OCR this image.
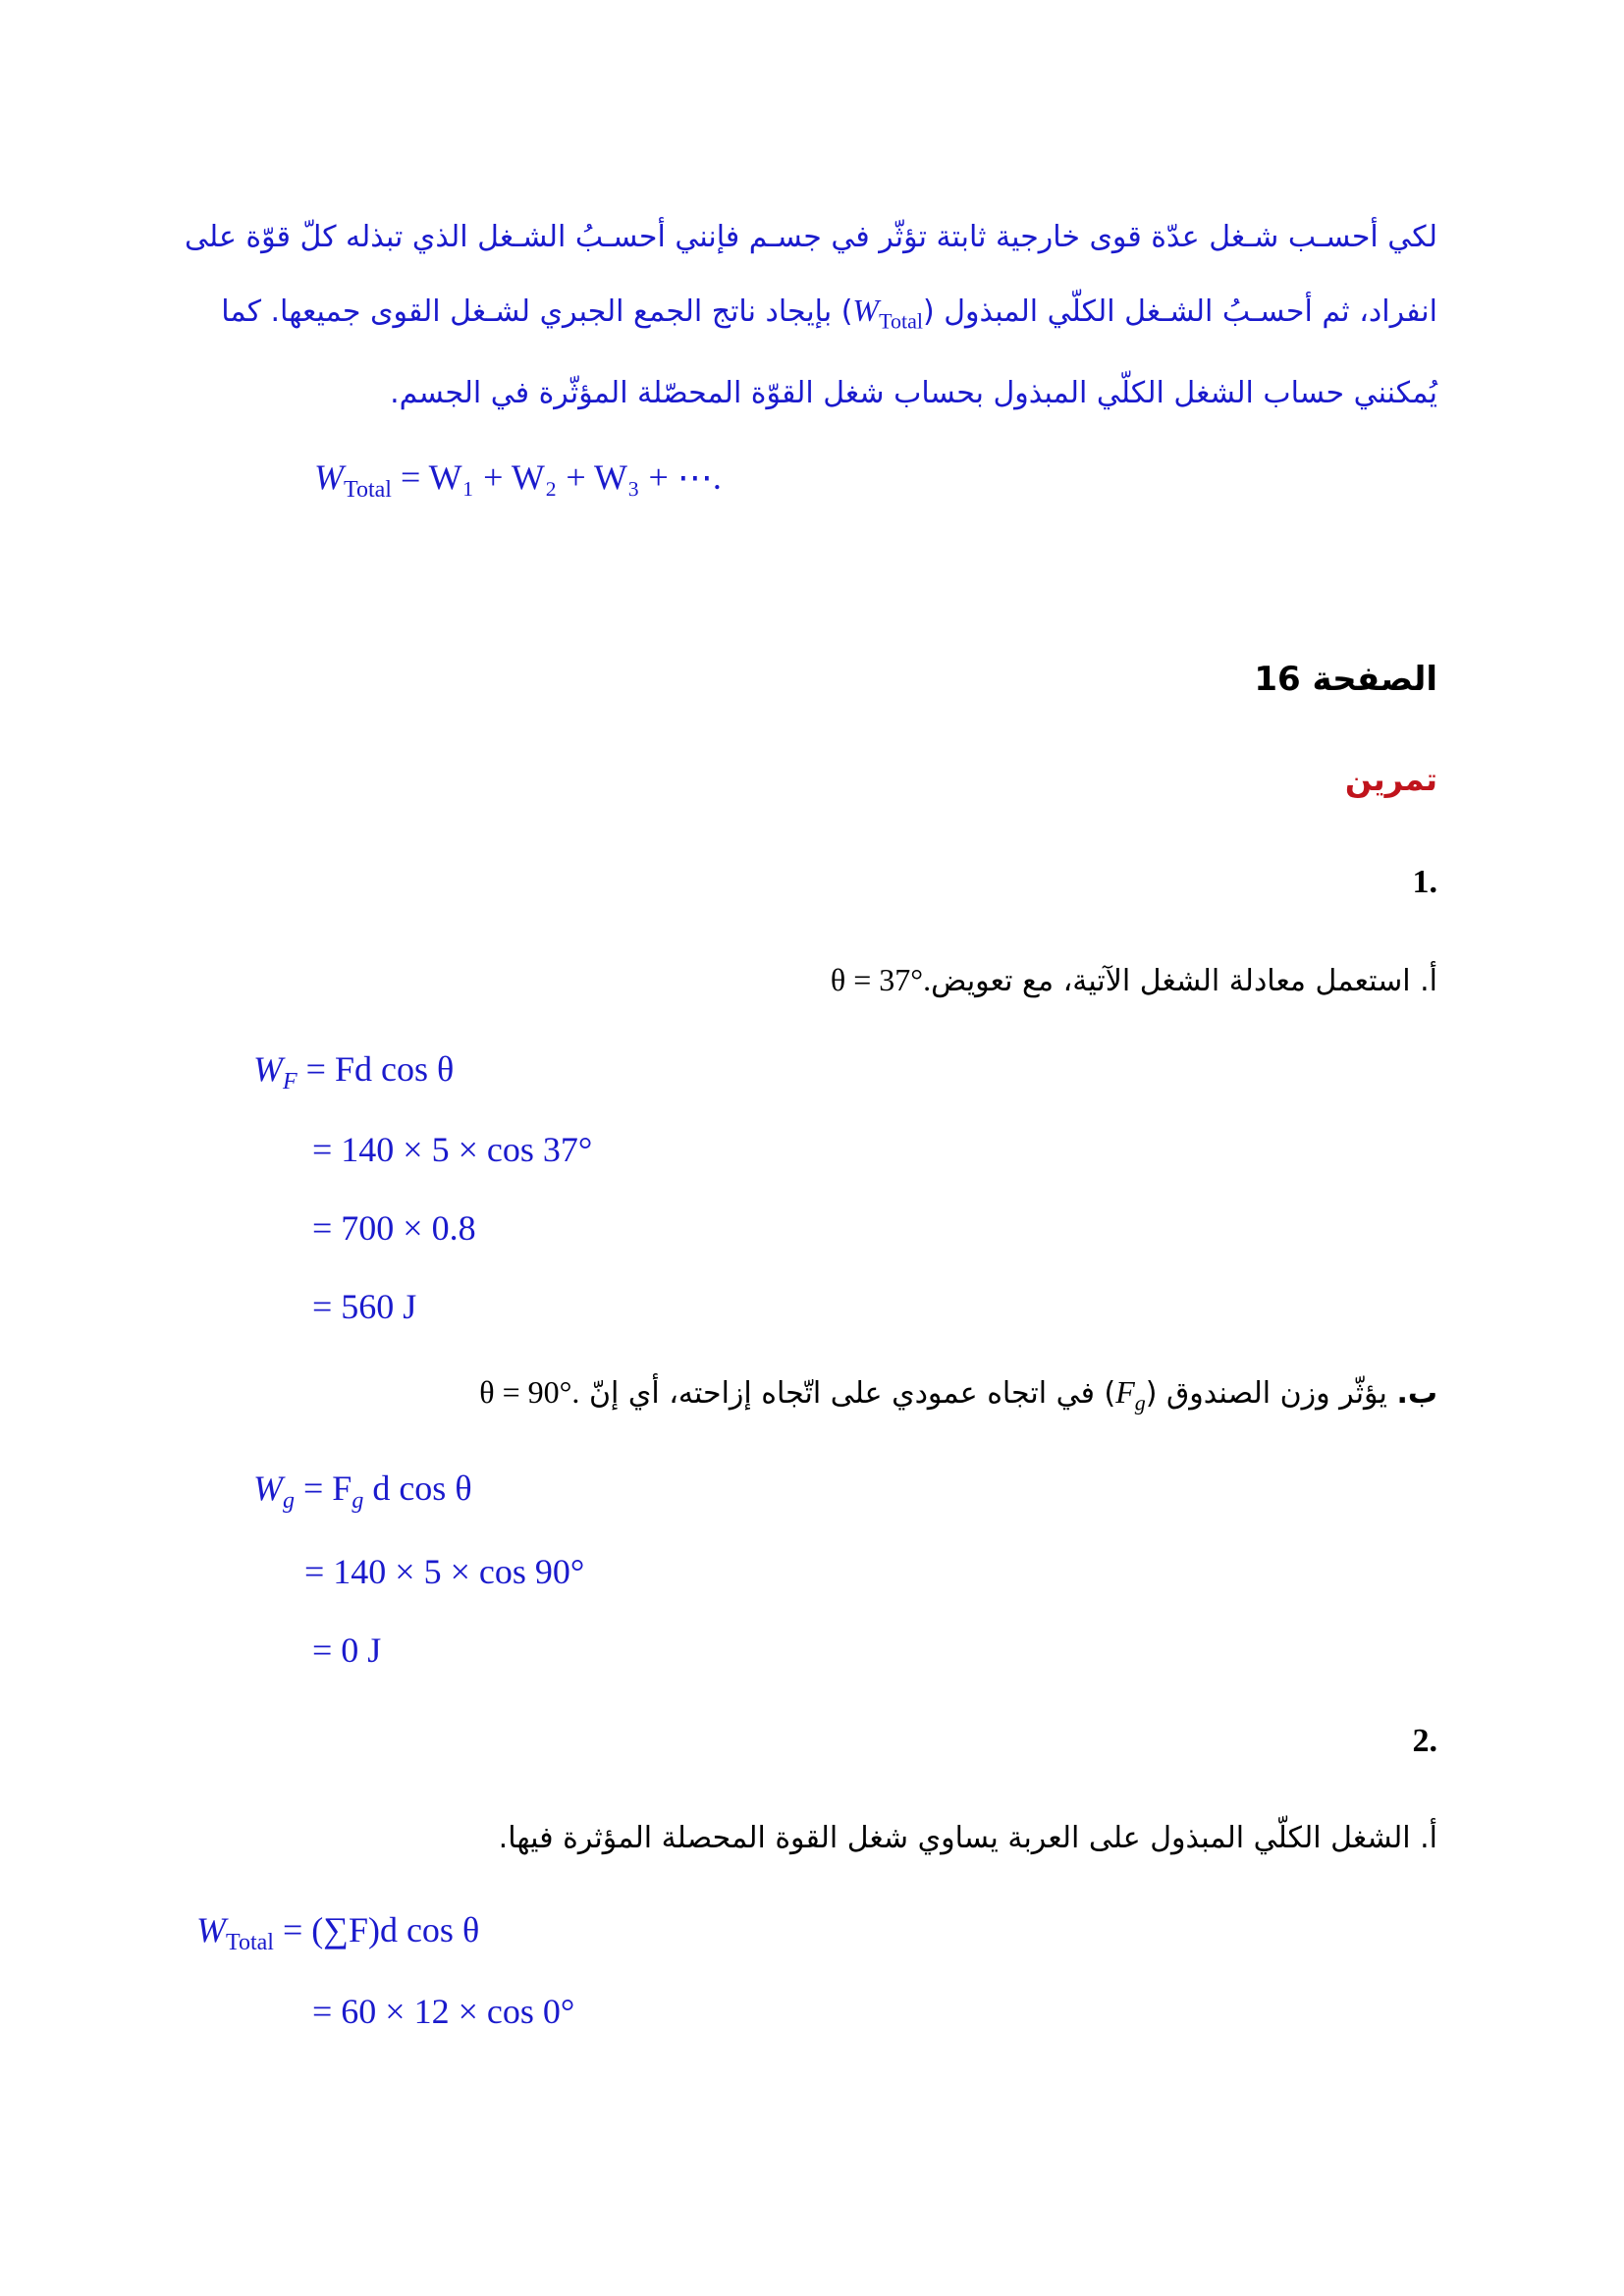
لكي أحسـب شـغل عدّة قوى خارجية ثابتة تؤثّر في جسـم فإنني أحسـبُ الشـغل الذي تبذله كلّ قوّة على
انفراد، ثم أحسـبُ الشـغل الكلّي المبذول $(W_{Total})$ بإيجاد ناتج الجمع الجبري لشـغل القوى جميعها. كما
يُمكنني حساب الشغل الكلّي المبذول بحساب شغل القوّة المحصّلة المؤثّرة في الجسم.
$W_{Total} = W_1 + W_2 + W_3$ + ⋯.
الصفحة 16
تمرين
.1
أ. استعمل معادلة الشغل الآتية، مع تعويضθ = 37°.
$W_F = Fd$ cos θ
= 140 × 5 × cos 37°
= 700 × 0.8
= 560 J
ب. يؤثّر وزن الصندوق $(F_g)$ في اتجاه عمودي على اتّجاه إزاحته، أي إنّ θ = 90°.
$W_g = F_g$ d cos θ
= 140 × 5 × cos 90°
= 0 J
.2
أ. الشغل الكلّي المبذول على العربة يساوي شغل القوة المحصلة المؤثرة فيها.
$W_{Total} = (\sum F)d$ cos θ
= 60 × 12 × cos 0°
